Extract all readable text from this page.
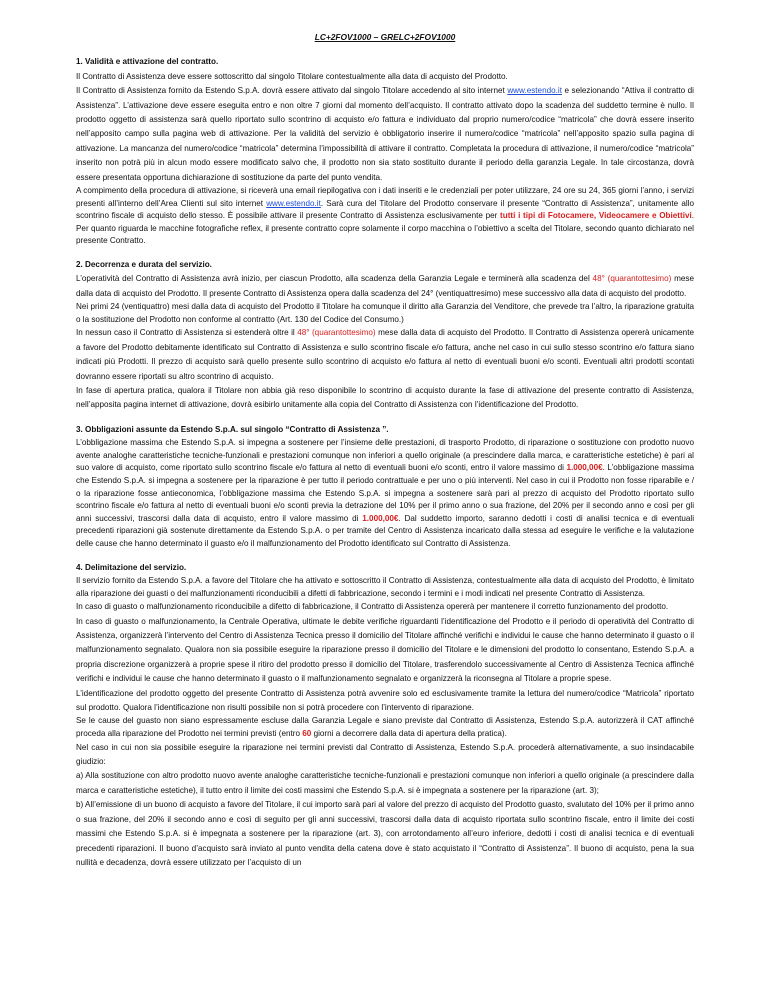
LC+2FOV1000 – GRELC+2FOV1000
1. Validità e attivazione del contratto.

Il Contratto di Assistenza deve essere sottoscritto dal singolo Titolare contestualmente alla data di acquisto del Prodotto.

Il Contratto di Assistenza fornito da Estendo S.p.A. dovrà essere attivato dal singolo Titolare accedendo al sito internet www.estendo.it e selezionando “Attiva il contratto di Assistenza”. L’attivazione deve essere eseguita entro e non oltre 7 giorni dal momento dell’acquisto. Il contratto attivato dopo la scadenza del suddetto termine è nullo. Il prodotto oggetto di assistenza sarà quello riportato sullo scontrino di acquisto e/o fattura e individuato dal proprio numero/codice “matricola” che dovrà essere inserito nell’apposito campo sulla pagina web di attivazione. Per la validità del servizio è obbligatorio inserire il numero/codice “matricola” nell’apposito spazio sulla pagina di attivazione. La mancanza del numero/codice “matricola” determina l’impossibilità di attivare il contratto. Completata la procedura di attivazione, il numero/codice “matricola” inserito non potrà più in alcun modo essere modificato salvo che, il prodotto non sia stato sostituito durante il periodo della garanzia Legale. In tale circostanza, dovrà essere presentata opportuna dichiarazione di sostituzione da parte del punto vendita.

A compimento della procedura di attivazione, si riceverà una email riepilogativa con i dati inseriti e le credenziali per poter utilizzare, 24 ore su 24, 365 giorni l’anno, i servizi presenti all’interno dell’Area Clienti sul sito internet www.estendo.it. Sarà cura del Titolare del Prodotto conservare il presente “Contratto di Assistenza”, unitamente allo scontrino fiscale di acquisto dello stesso. È possibile attivare il presente Contratto di Assistenza esclusivamente per tutti i tipi di Fotocamere, Videocamere e Obiettivi. Per quanto riguarda le macchine fotografiche reflex, il presente contratto copre solamente il corpo macchina o l’obiettivo a scelta del Titolare, secondo quanto dichiarato nel presente Contratto.

2. Decorrenza e durata del servizio.

L’operatività del Contratto di Assistenza avrà inizio, per ciascun Prodotto, alla scadenza della Garanzia Legale e terminerà alla scadenza del 48° (quarantottesimo) mese dalla data di acquisto del Prodotto. Il presente Contratto di Assistenza opera dalla scadenza del 24° (ventiquattresimo) mese successivo alla data di acquisto del prodotto.

Nei primi 24 (ventiquattro) mesi dalla data di acquisto del Prodotto il Titolare ha comunque il diritto alla Garanzia del Venditore, che prevede tra l’altro, la riparazione gratuita o la sostituzione del Prodotto non conforme al contratto (Art. 130 del Codice del Consumo.)

In nessun caso il Contratto di Assistenza si estenderà oltre il 48° (quarantottesimo) mese dalla data di acquisto del Prodotto. Il Contratto di Assistenza opererà unicamente a favore del Prodotto debitamente identificato sul Contratto di Assistenza e sullo scontrino fiscale e/o fattura, anche nel caso in cui sullo stesso scontrino e/o fattura siano indicati più Prodotti. Il prezzo di acquisto sarà quello presente sullo scontrino di acquisto e/o fattura al netto di eventuali buoni e/o sconti. Eventuali altri prodotti scontati dovranno essere riportati su altro scontrino di acquisto.

In fase di apertura pratica, qualora il Titolare non abbia già reso disponibile lo scontrino di acquisto durante la fase di attivazione del presente contratto di Assistenza, nell’apposita pagina internet di attivazione, dovrà esibirlo unitamente alla copia del Contratto di Assistenza con l’identificazione del Prodotto.

3. Obbligazioni assunte da Estendo S.p.A. sul singolo “Contratto di Assistenza ”.

L’obbligazione massima che Estendo S.p.A. si impegna a sostenere per l’insieme delle prestazioni, di trasporto Prodotto, di riparazione o sostituzione con prodotto nuovo avente analoghe caratteristiche tecniche-funzionali e prestazioni comunque non inferiori a quello originale (a prescindere dalla marca, e caratteristiche estetiche) è pari al suo valore di acquisto, come riportato sullo scontrino fiscale e/o fattura al netto di eventuali buoni e/o sconti, entro il valore massimo di 1.000,00€. L’obbligazione massima che Estendo S.p.A. si impegna a sostenere per la riparazione è per tutto il periodo contrattuale e per uno o più interventi. Nel caso in cui il Prodotto non fosse riparabile e / o la riparazione fosse antieconomica, l’obbligazione massima che Estendo S.p.A. si impegna a sostenere sarà pari al prezzo di acquisto del Prodotto riportato sullo scontrino fiscale e/o fattura al netto di eventuali buoni e/o sconti previa la detrazione del 10% per il primo anno o sua frazione, del 20% per il secondo anno e così per gli anni successivi, trascorsi dalla data di acquisto, entro il valore massimo di 1.000,00€. Dal suddetto importo, saranno dedotti i costi di analisi tecnica e di eventuali precedenti riparazioni già sostenute direttamente da Estendo S.p.A. o per tramite del Centro di Assistenza incaricato dalla stessa ad eseguire le verifiche e la valutazione delle cause che hanno determinato il guasto e/o il malfunzionamento del Prodotto identificato sul Contratto di Assistenza.

4. Delimitazione del servizio.

Il servizio fornito da Estendo S.p.A. a favore del Titolare che ha attivato e sottoscritto il Contratto di Assistenza, contestualmente alla data di acquisto del Prodotto, è limitato alla riparazione dei guasti o dei malfunzionamenti riconducibili a difetti di fabbricazione, secondo i termini e i modi indicati nel presente Contratto di Assistenza.

In caso di guasto o malfunzionamento riconducibile a difetto di fabbricazione, il Contratto di Assistenza opererà per mantenere il corretto funzionamento del prodotto.

In caso di guasto o malfunzionamento, la Centrale Operativa, ultimate le debite verifiche riguardanti l’identificazione del Prodotto e il periodo di operatività del Contratto di Assistenza, organizzerà l’intervento del Centro di Assistenza Tecnica presso il domicilio del Titolare affinché verifichi e individui le cause che hanno determinato il guasto o il malfunzionamento segnalato. Qualora non sia possibile eseguire la riparazione presso il domicilio del Titolare e le dimensioni del prodotto lo consentano, Estendo S.p.A. a propria discrezione organizzerà a proprie spese il ritiro del prodotto presso il domicilio del Titolare, trasferendolo successivamente al Centro di Assistenza Tecnica affinché verifichi e individui le cause che hanno determinato il guasto o il malfunzionamento segnalato e organizzerà la riconsegna al Titolare a proprie spese.

L’identificazione del prodotto oggetto del presente Contratto di Assistenza potrà avvenire solo ed esclusivamente tramite la lettura del numero/codice “Matricola” riportato sul prodotto. Qualora l’identificazione non risulti possibile non si potrà procedere con l’intervento di riparazione.

Se le cause del guasto non siano espressamente escluse dalla Garanzia Legale e siano previste dal Contratto di Assistenza, Estendo S.p.A. autorizzerà il CAT affinché proceda alla riparazione del Prodotto nei termini previsti (entro 60 giorni a decorrere dalla data di apertura della pratica).

Nel caso in cui non sia possibile eseguire la riparazione nei termini previsti dal Contratto di Assistenza, Estendo S.p.A. procederà alternativamente, a suo insindacabile giudizio:

a) Alla sostituzione con altro prodotto nuovo avente analoghe caratteristiche tecniche-funzionali e prestazioni comunque non inferiori a quello originale (a prescindere dalla marca e caratteristiche estetiche), il tutto entro il limite dei costi massimi che Estendo S.p.A. si è impegnata a sostenere per la riparazione (art. 3);

b) All’emissione di un buono di acquisto a favore del Titolare, il cui importo sarà pari al valore del prezzo di acquisto del Prodotto guasto, svalutato del 10% per il primo anno o sua frazione, del 20% il secondo anno e così di seguito per gli anni successivi, trascorsi dalla data di acquisto riportata sullo scontrino fiscale, entro il limite dei costi massimi che Estendo S.p.A. si è impegnata a sostenere per la riparazione (art. 3), con arrotondamento all’euro inferiore, dedotti i costi di analisi tecnica e di eventuali precedenti riparazioni. Il buono d’acquisto sarà inviato al punto vendita della catena dove è stato acquistato il “Contratto di Assistenza”. Il buono di acquisto, pena la sua nullità e decadenza, dovrà essere utilizzato per l’acquisto di un
